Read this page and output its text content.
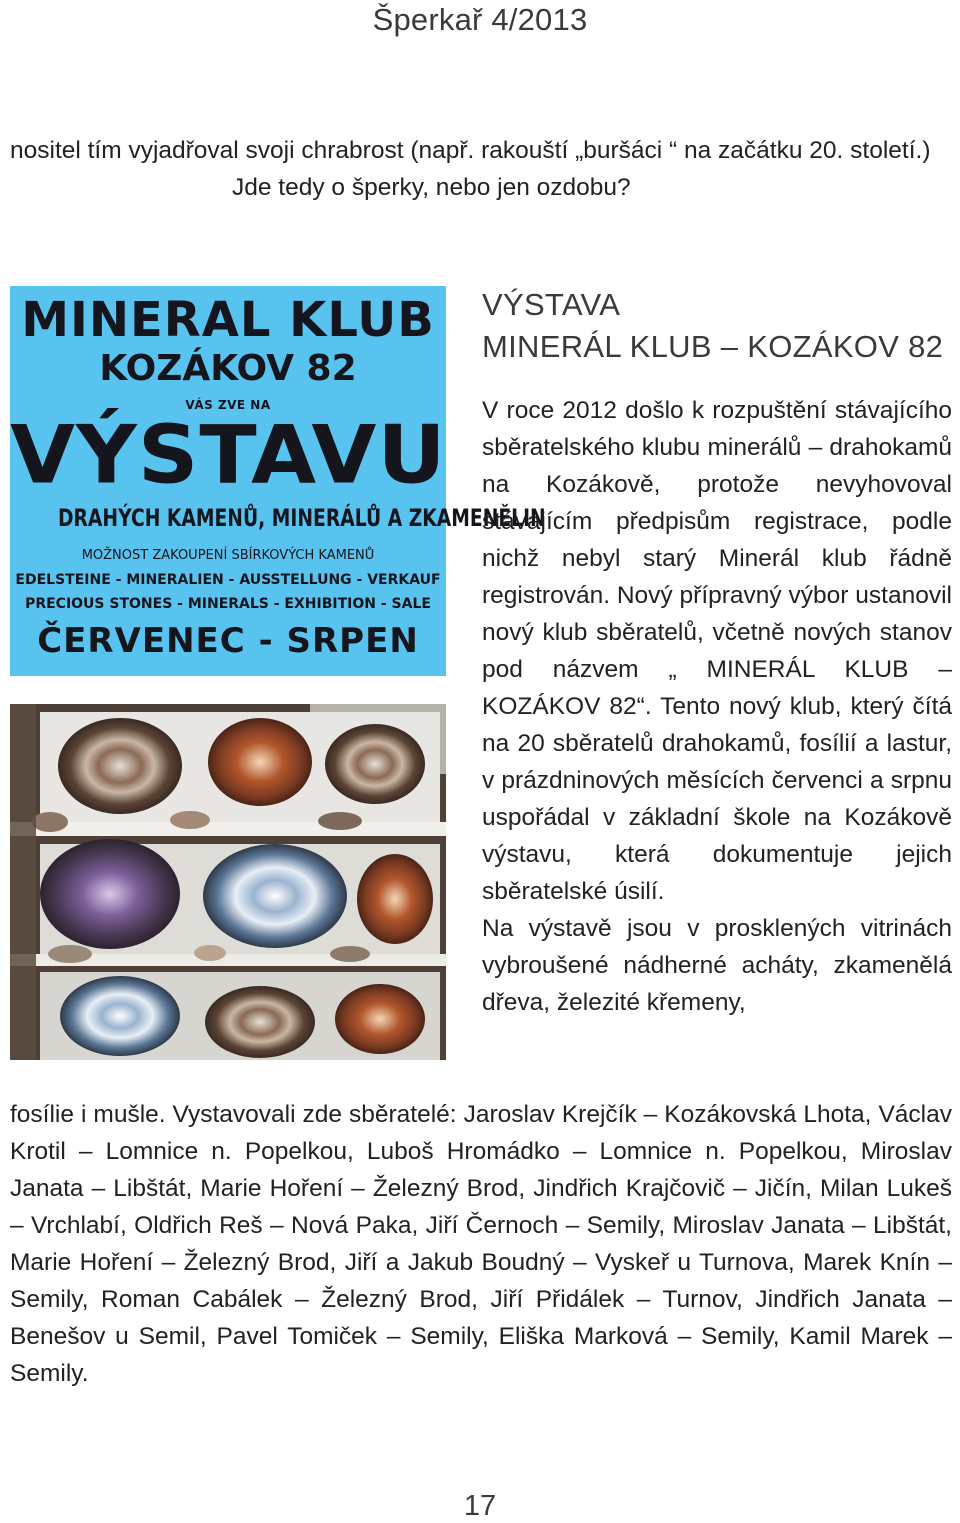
Šperkař 4/2013

nositel tím vyjadřoval svoji chrabrost (např. rakouští „buršáci “ na začátku 20. století.)

Jde tedy o šperky, nebo jen ozdobu?

MINERAL KLUB
KOZÁKOV 82
VÁS ZVE NA
VÝSTAVU
DRAHÝCH KAMENŮ, MINERÁLŮ A ZKAMENĚLIN
MOŽNOST ZAKOUPENÍ SBÍRKOVÝCH KAMENŮ
EDELSTEINE - MINERALIEN - AUSSTELLUNG - VERKAUF
PRECIOUS STONES - MINERALS - EXHIBITION - SALE
ČERVENEC - SRPEN
VÝSTAVA
MINERÁL KLUB – KOZÁKOV 82

V roce 2012 došlo k rozpuštění stávajícího sběratelského klubu minerálů – drahokamů na Kozákově, protože nevyhovoval stávajícím předpisům registrace, podle nichž nebyl starý Minerál klub řádně registrován. Nový přípravný výbor ustanovil nový klub sběratelů, včetně nových stanov pod názvem „ MINERÁL KLUB – KOZÁKOV 82“. Tento nový klub, který čítá na 20 sběratelů drahokamů, fosílií a lastur, v prázdninových měsících červenci a srpnu uspořádal v základní škole na Kozákově výstavu, která dokumentuje jejich sběratelské úsilí.

Na výstavě jsou v prosklených vitrinách vybroušené nádherné acháty, zkamenělá dřeva, železité křemeny,

fosílie i mušle. Vystavovali zde sběratelé: Jaroslav Krejčík – Kozákovská Lhota, Václav Krotil – Lomnice n. Popelkou, Luboš Hromádko – Lomnice n. Popelkou, Miroslav Janata – Libštát, Marie Hoření – Železný Brod, Jindřich Krajčovič – Jičín, Milan Lukeš – Vrchlabí, Oldřich Reš – Nová Paka, Jiří Černoch – Semily, Miroslav Janata – Libštát, Marie Hoření – Železný Brod, Jiří a Jakub Boudný – Vyskeř u Turnova, Marek Knín – Semily, Roman Cabálek – Železný Brod, Jiří Přidálek – Turnov, Jindřich Janata – Benešov u Semil, Pavel Tomiček – Semily, Eliška Marková – Semily, Kamil Marek – Semily.

17
